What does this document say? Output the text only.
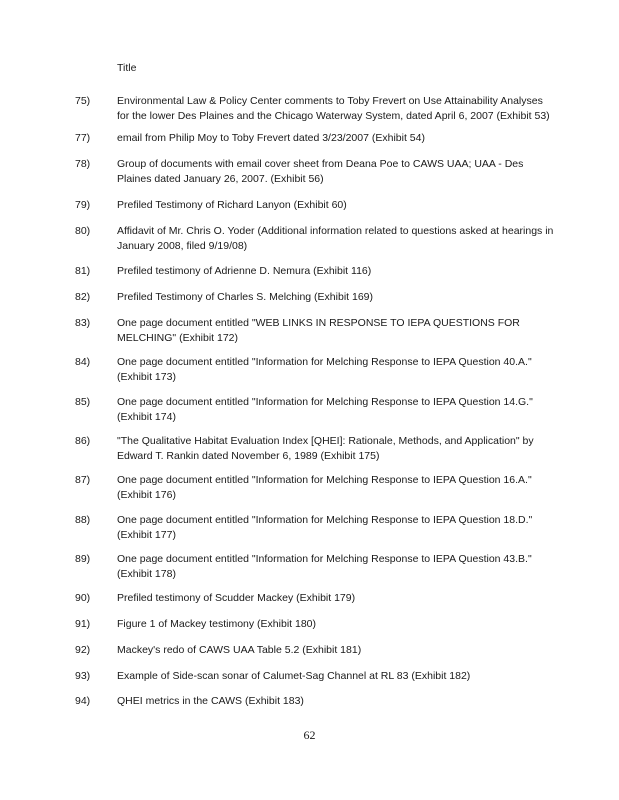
Title
75)	Environmental Law & Policy Center comments to Toby Frevert on Use Attainability Analyses for the lower Des Plaines and the Chicago Waterway System, dated April 6, 2007 (Exhibit 53)
77)	email from Philip Moy to Toby Frevert dated 3/23/2007 (Exhibit 54)
78)	Group of documents with email cover sheet from Deana Poe to CAWS UAA; UAA - Des Plaines dated January 26, 2007. (Exhibit 56)
79)	Prefiled Testimony of Richard Lanyon (Exhibit 60)
80)	Affidavit of Mr. Chris O. Yoder (Additional information related to questions asked at hearings in January 2008, filed 9/19/08)
81)	Prefiled testimony of Adrienne D. Nemura (Exhibit 116)
82)	Prefiled Testimony of Charles S. Melching (Exhibit 169)
83)	One page document entitled "WEB LINKS IN RESPONSE TO IEPA QUESTIONS FOR MELCHING" (Exhibit 172)
84)	One page document entitled "Information for Melching Response to IEPA Question 40.A." (Exhibit 173)
85)	One page document entitled "Information for Melching Response to IEPA Question 14.G." (Exhibit 174)
86)	"The Qualitative Habitat Evaluation Index [QHEI]: Rationale, Methods, and Application" by Edward T. Rankin dated November 6, 1989 (Exhibit 175)
87)	One page document entitled "Information for Melching Response to IEPA Question 16.A." (Exhibit 176)
88)	One page document entitled "Information for Melching Response to IEPA Question 18.D." (Exhibit 177)
89)	One page document entitled "Information for Melching Response to IEPA Question 43.B." (Exhibit 178)
90)	Prefiled testimony of Scudder Mackey (Exhibit 179)
91)	Figure 1 of Mackey testimony (Exhibit 180)
92)	Mackey's redo of CAWS UAA Table 5.2 (Exhibit 181)
93)	Example of Side-scan sonar of Calumet-Sag Channel at RL 83 (Exhibit 182)
94)	QHEI metrics in the CAWS (Exhibit 183)
62
